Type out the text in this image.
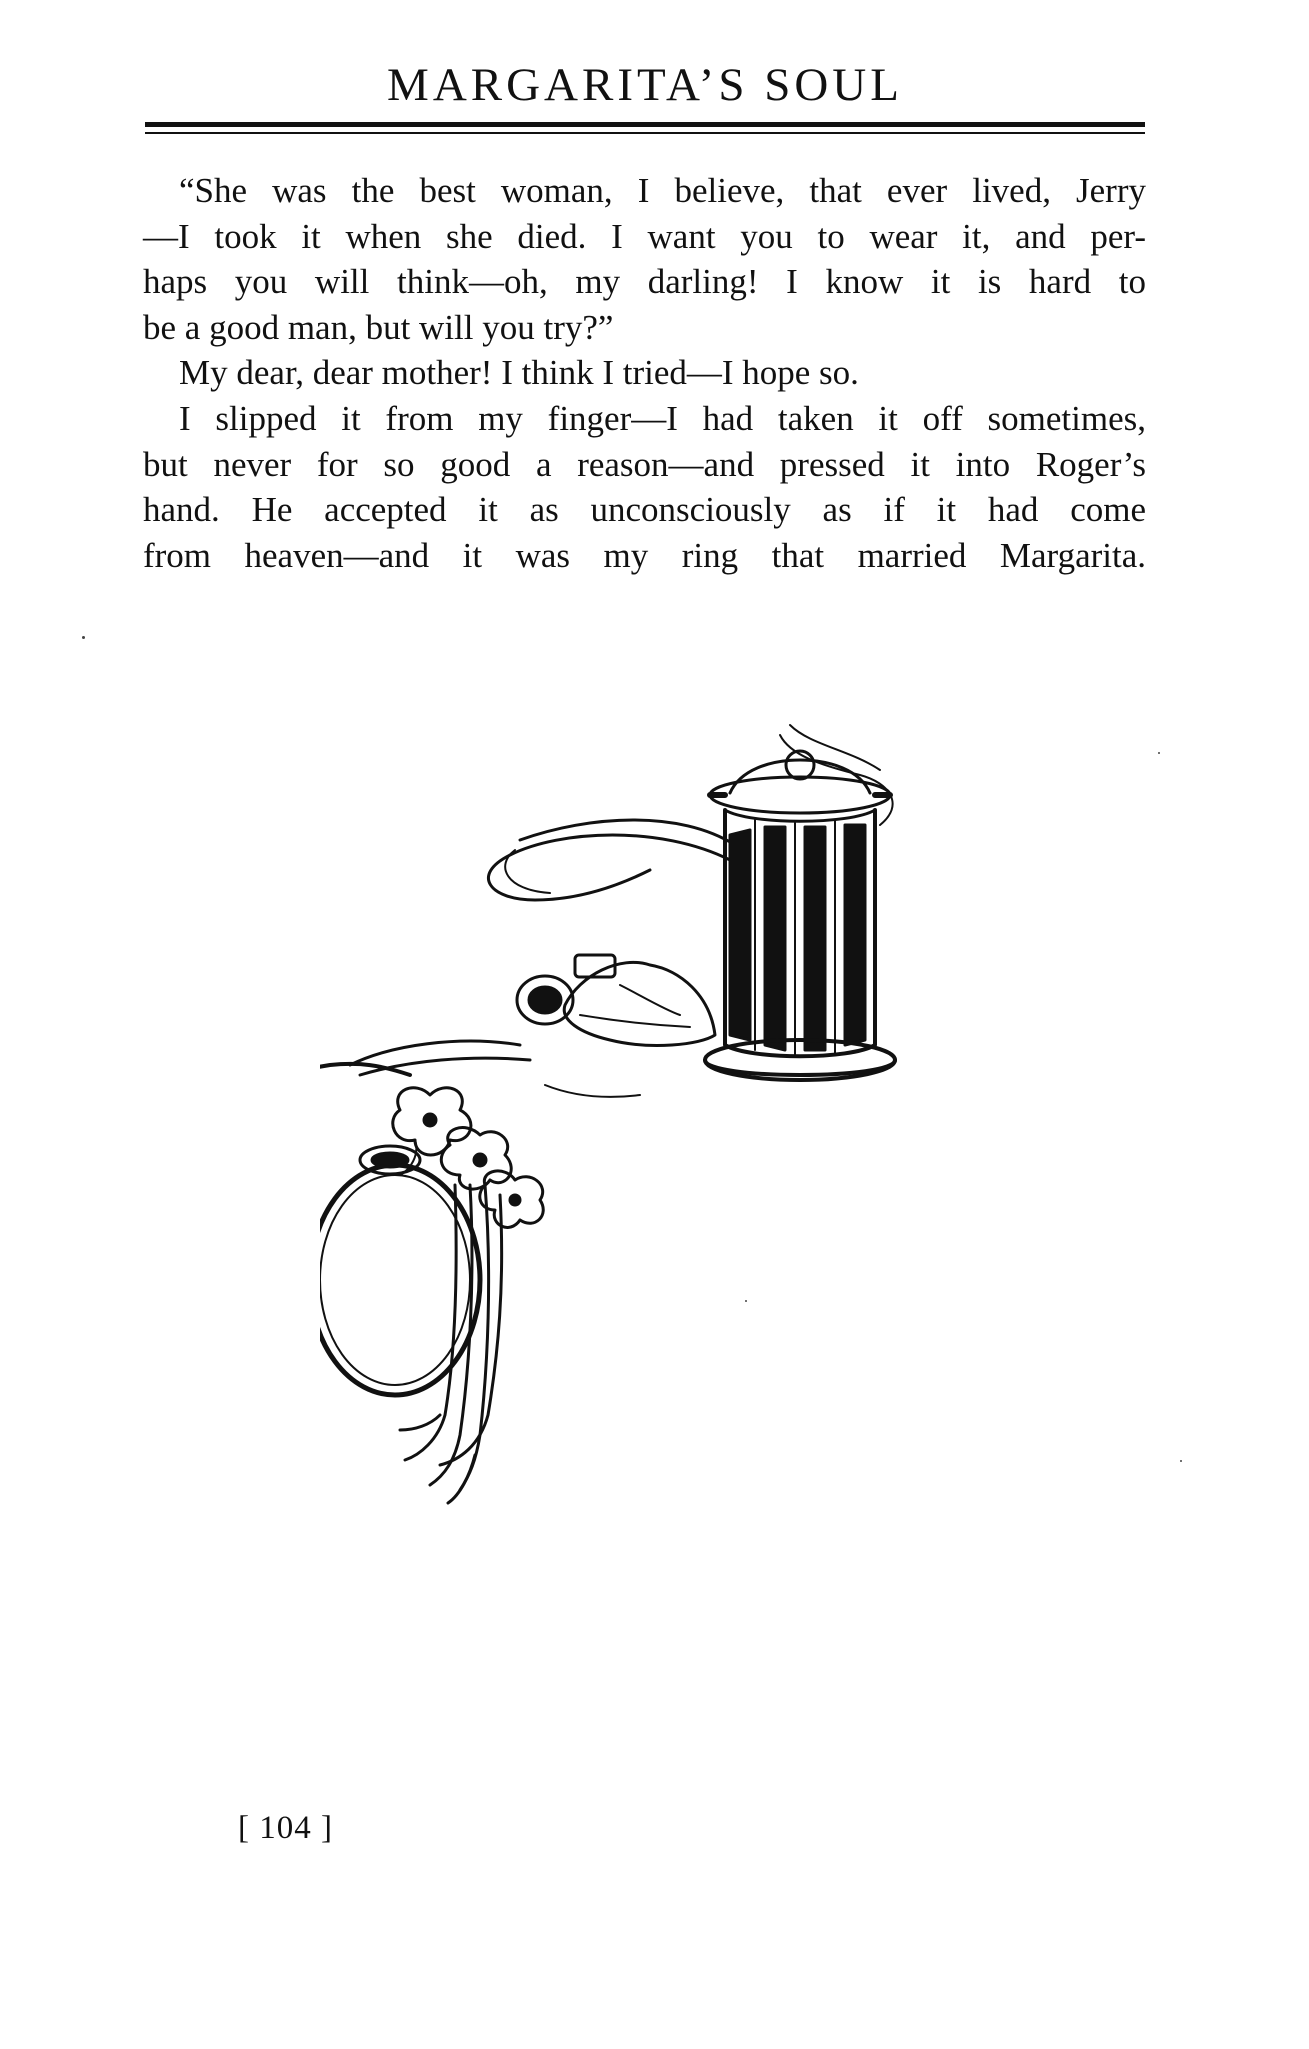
MARGARITA’S SOUL

“She was the best woman, I believe, that ever lived, Jerry
—I took it when she died. I want you to wear it, and per-
haps you will think—oh, my darling! I know it is hard to
be a good man, but will you try?”

My dear, dear mother! I think I tried—I hope so.

I slipped it from my finger—I had taken it off sometimes,
but never for so good a reason—and pressed it into Roger’s
hand. He accepted it as unconsciously as if it had come
from heaven—and it was my ring that married Margarita.

[ 104 ]
